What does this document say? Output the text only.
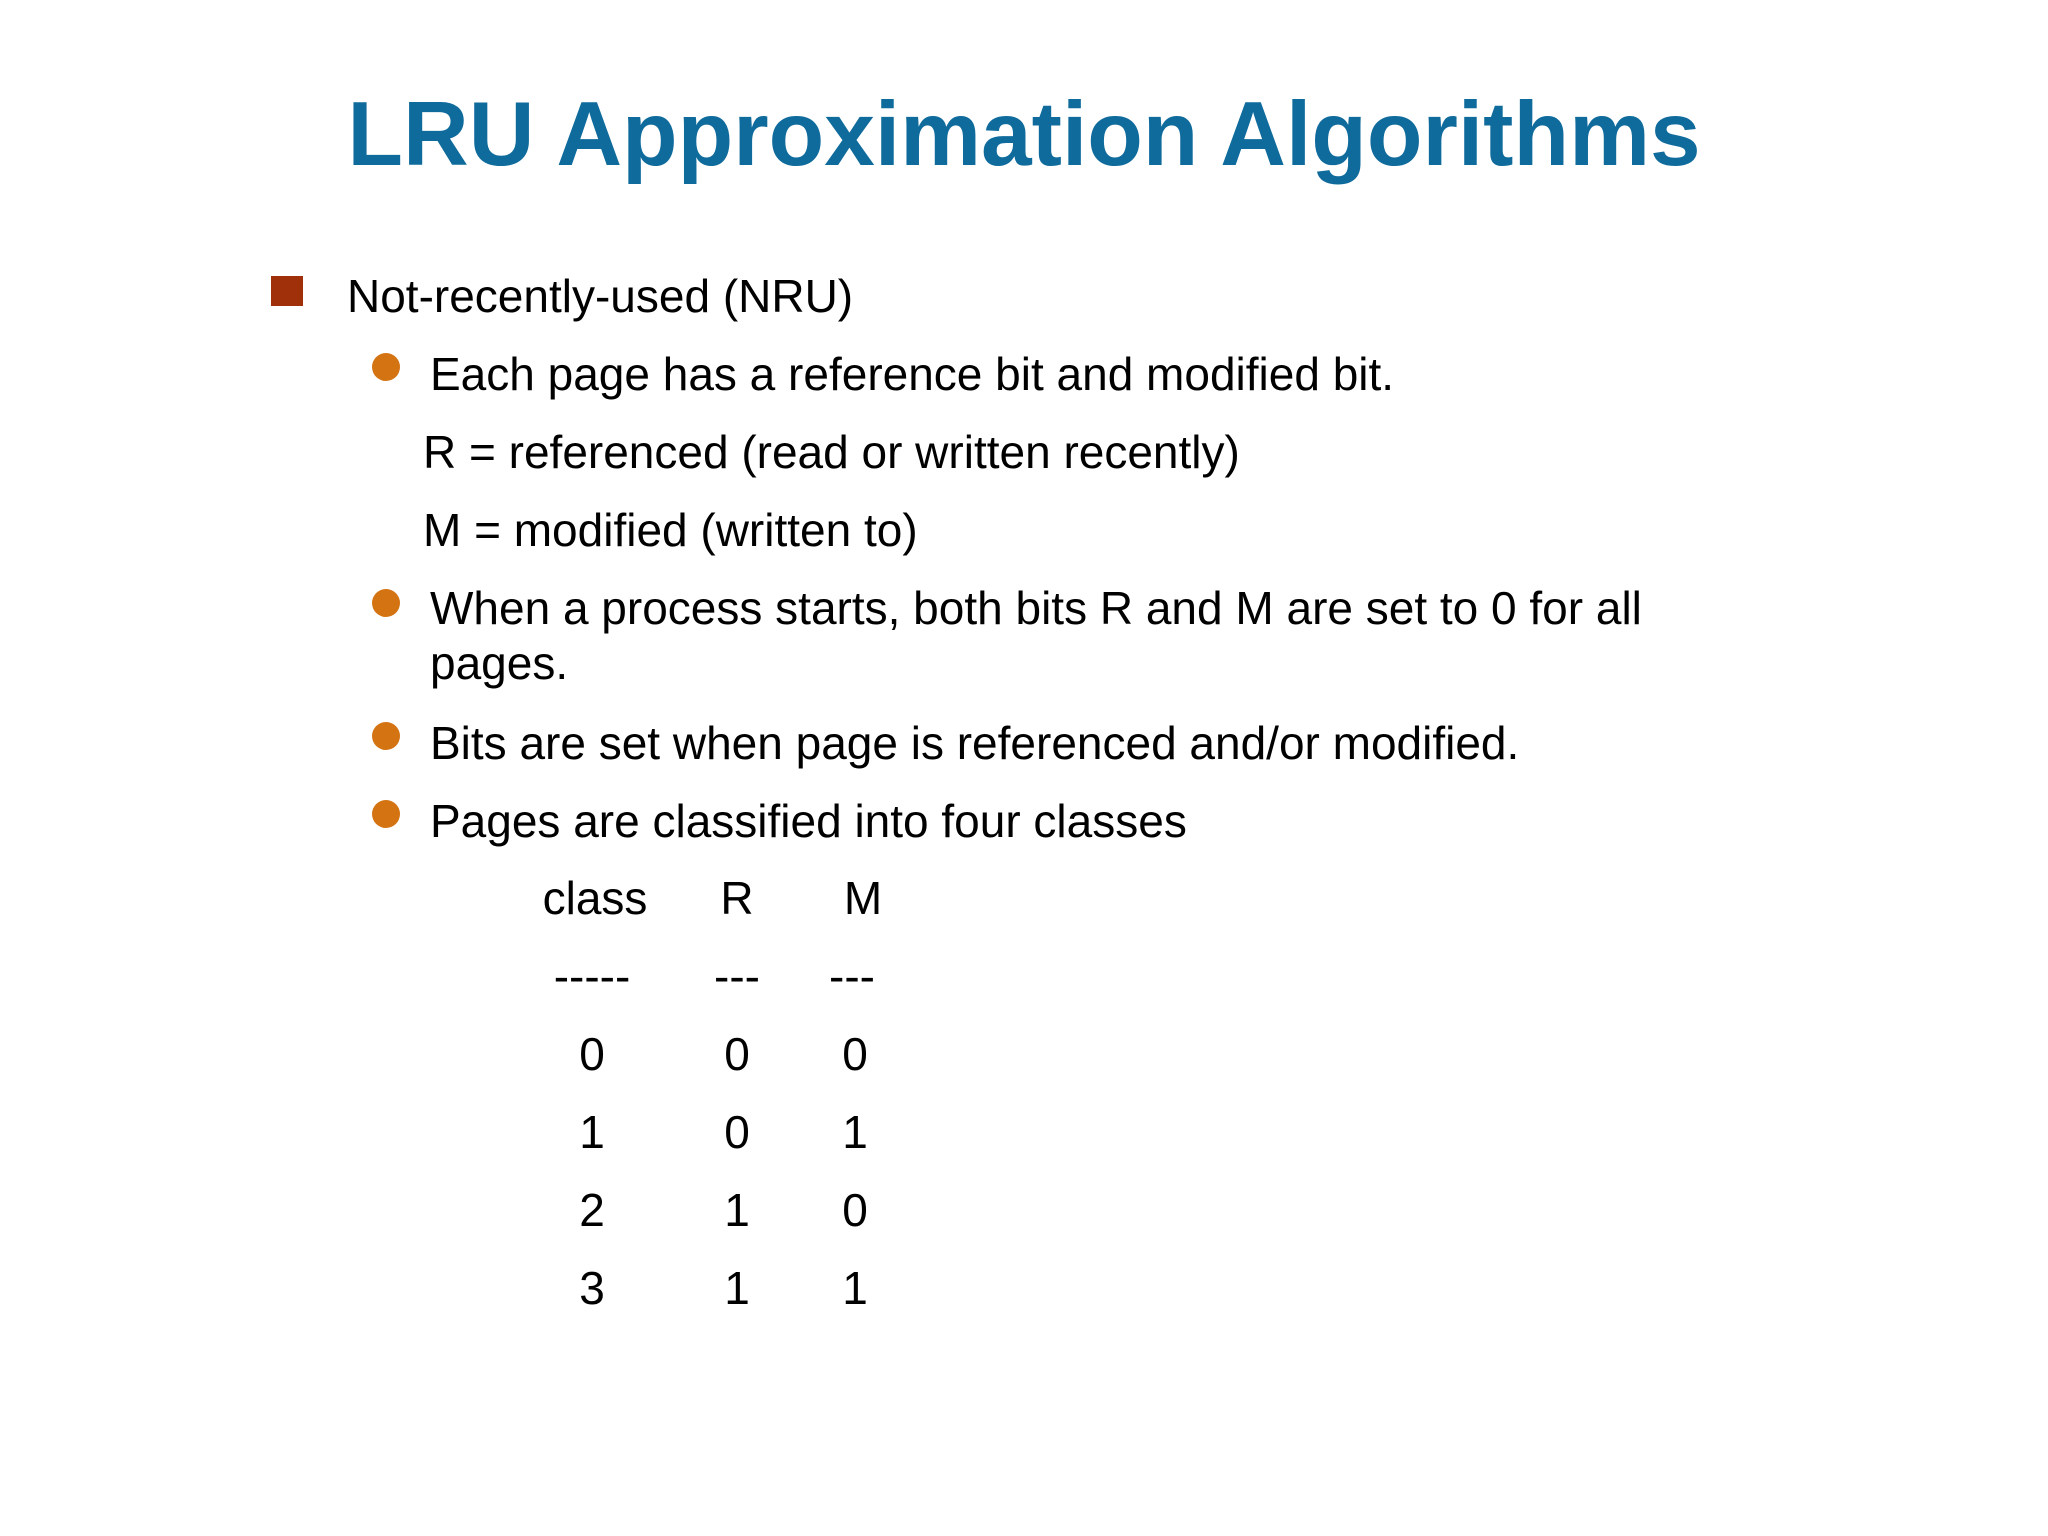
LRU Approximation Algorithms
Not-recently-used (NRU)
Each page has a reference bit and modified bit.
R = referenced (read or written recently)
M = modified (written to)
When a process starts, both bits R and M are set to 0 for all
pages.
Bits are set when page is referenced and/or modified.
Pages are classified into four classes
class	R	M
-----	---	---
0	0	0
1	0	1
2	1	0
3	1	1
